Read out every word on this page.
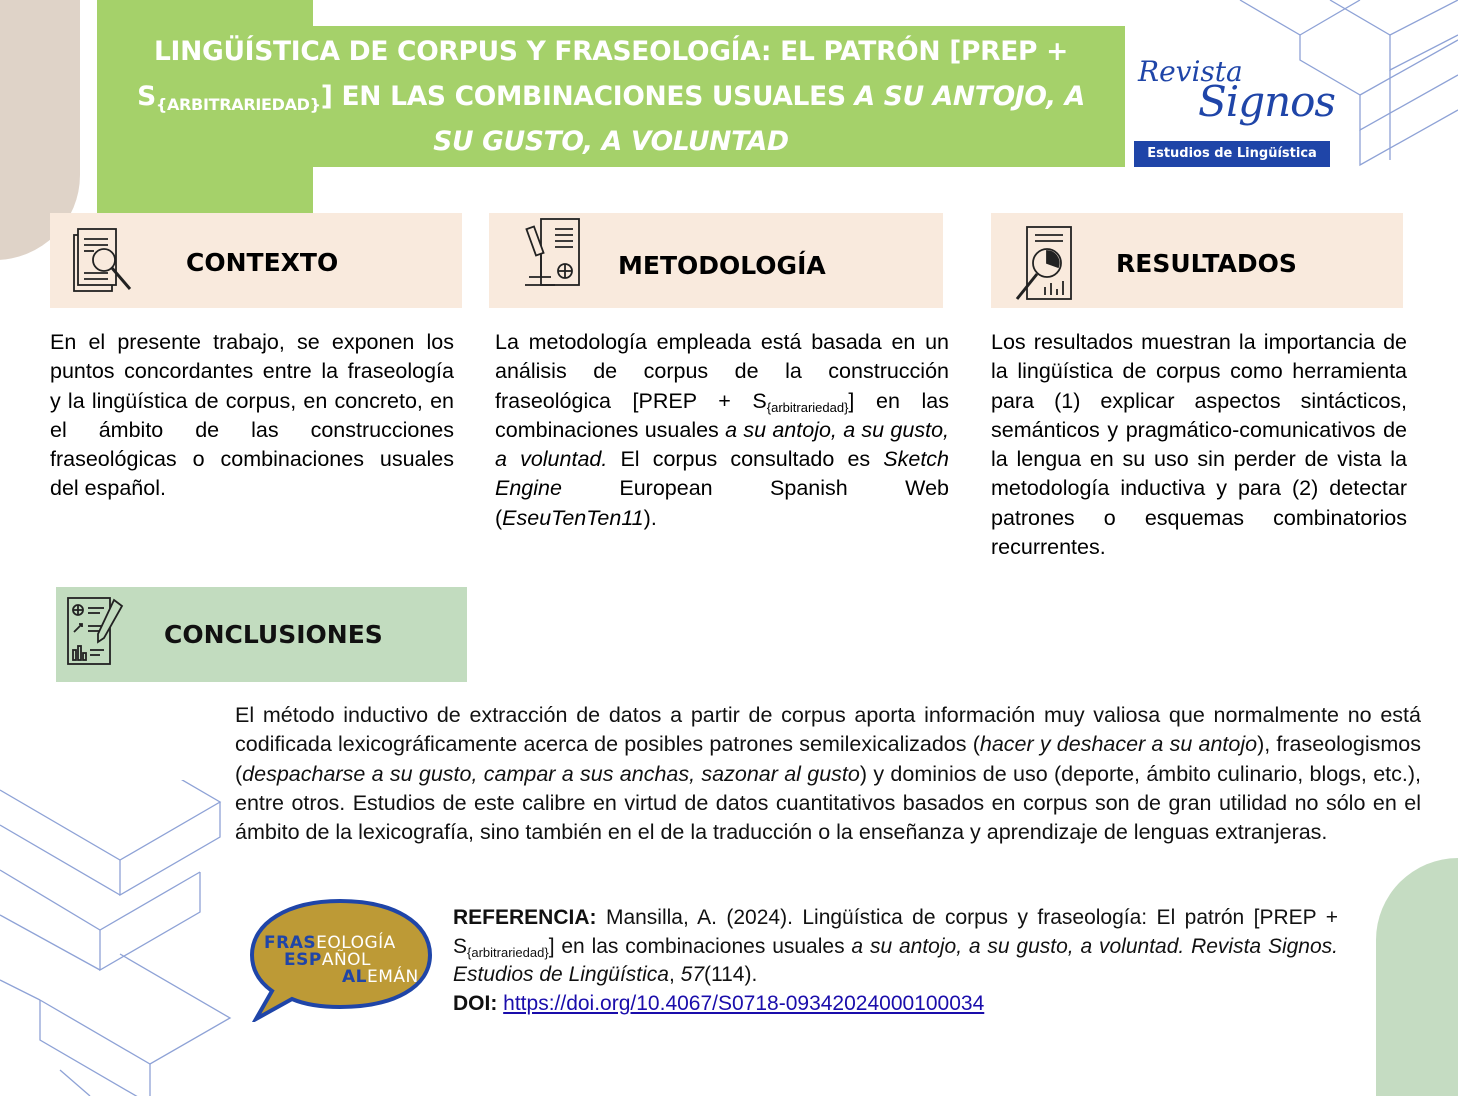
LINGÜÍSTICA DE CORPUS Y FRASEOLOGÍA: EL PATRÓN [PREP +
$S_{\{ARBITRARIEDAD\}}$] EN LAS COMBINACIONES USUALES A SU ANTOJO, A
SU GUSTO, A VOLUNTAD
Revista
Signos
Estudios de Lingüística
CONTEXTO	METODOLOGÍA	RESULTADOS
En el presente trabajo, se exponen los puntos concordantes entre la fraseología y la lingüística de corpus, en concreto, en el ámbito de las construcciones fraseológicas o combinaciones usuales del español.
La metodología empleada está basada en un análisis de corpus de la construcción fraseológica [PREP + $S_{\{arbitrariedad\}}$] en las combinaciones usuales a su antojo, a su gusto, a voluntad. El corpus consultado es Sketch Engine European Spanish Web (EseuTenTen11).
Los resultados muestran la importancia de la lingüística de corpus como herramienta para (1) explicar aspectos sintácticos, semánticos y pragmático-comunicativos de la lengua en su uso sin perder de vista la metodología inductiva y para (2) detectar patrones o esquemas combinatorios recurrentes.
CONCLUSIONES
El método inductivo de extracción de datos a partir de corpus aporta información muy valiosa que normalmente no está codificada lexicográficamente acerca de posibles patrones semilexicalizados (hacer y deshacer a su antojo), fraseologismos (despacharse a su gusto, campar a sus anchas, sazonar al gusto) y dominios de uso (deporte, ámbito culinario, blogs, etc.), entre otros. Estudios de este calibre en virtud de datos cuantitativos basados en corpus son de gran utilidad no sólo en el ámbito de la lexicografía, sino también en el de la traducción o la enseñanza y aprendizaje de lenguas extranjeras.
FRASEOLOGÍA
ESPAÑOL
ALEMÁN
REFERENCIA: Mansilla, A. (2024). Lingüística de corpus y fraseología: El patrón [PREP + $S_{\{arbitrariedad\}}$] en las combinaciones usuales a su antojo, a su gusto, a voluntad. Revista Signos. Estudios de Lingüística, 57(114).
DOI: https://doi.org/10.4067/S0718-09342024000100034
